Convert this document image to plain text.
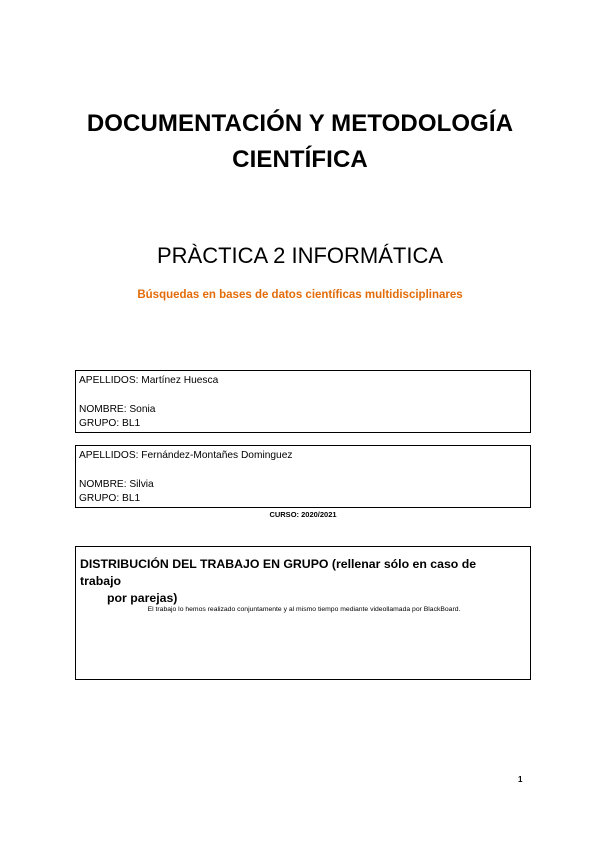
DOCUMENTACIÓN Y METODOLOGÍA
CIENTÍFICA
PRÀCTICA 2 INFORMÁTICA
Búsquedas en bases de datos científicas multidisciplinares
APELLIDOS: Martínez Huesca
NOMBRE: Sonia
GRUPO: BL1
APELLIDOS: Fernández-Montañes Dominguez
NOMBRE: Silvia
GRUPO: BL1
CURSO: 2020/2021
DISTRIBUCIÓN DEL TRABAJO EN GRUPO (rellenar sólo en caso de trabajo
por parejas)
El trabajo lo hemos realizado conjuntamente y al mismo tiempo mediante videollamada por BlackBoard.
1
